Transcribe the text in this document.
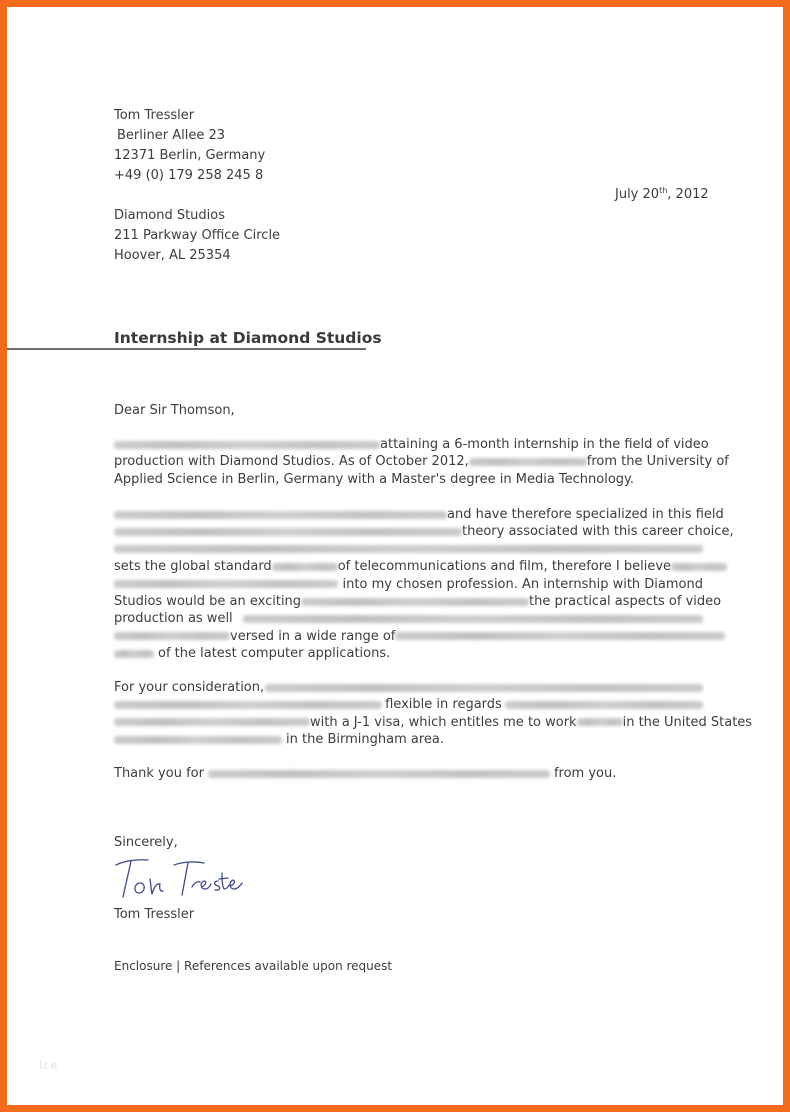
Tom Tressler
Berliner Allee 23
12371 Berlin, Germany
+49 (0) 179 258 245 8
July 20th, 2012
Diamond Studios
211 Parkway Office Circle
Hoover, AL 25354
Internship at Diamond Studios
Dear Sir Thomson,
attaining a 6-month internship in the field of video
production with Diamond Studios. As of October 2012,	from the University of
Applied Science in Berlin, Germany with a Master's degree in Media Technology.
and have therefore specialized in this field
theory associated with this career choice,
sets the global standard	of telecommunications and film, therefore I believe
into my chosen profession. An internship with Diamond
Studios would be an exciting	the practical aspects of video
production as well
versed in a wide range of
of the latest computer applications.
For your consideration,
flexible in regards
with a J-1 visa, which entitles me to work	in the United States
in the Birmingham area.
Thank you for	from you.
Sincerely,
Tom Tressler
Enclosure | References available upon request
Ice
